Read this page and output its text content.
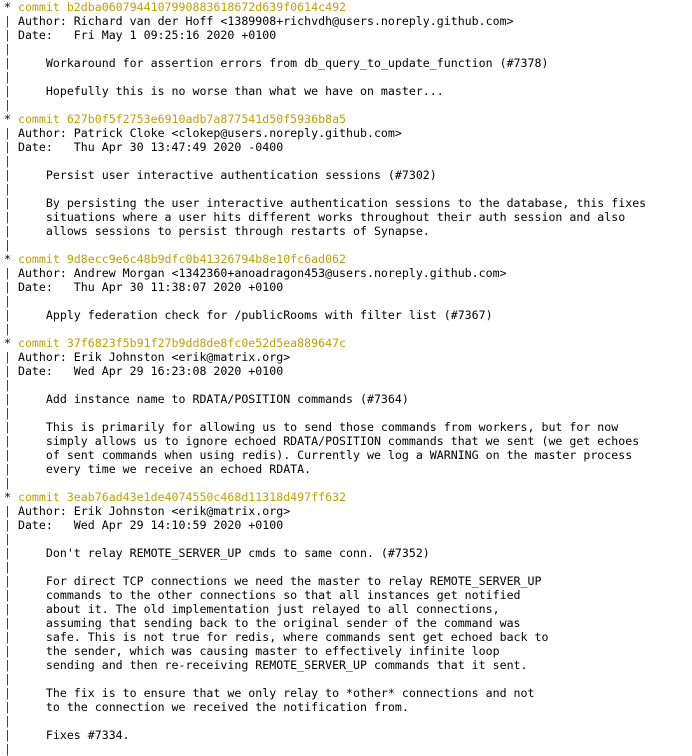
* commit b2dba0607944107990883618672d639f0614c492
| Author: Richard van der Hoff <1389908+richvdh@users.noreply.github.com>
| Date:   Fri May 1 09:25:16 2020 +0100
|
|     Workaround for assertion errors from db_query_to_update_function (#7378)
|
|     Hopefully this is no worse than what we have on master...
|
* commit 627b0f5f2753e6910adb7a877541d50f5936b8a5
| Author: Patrick Cloke <clokep@users.noreply.github.com>
| Date:   Thu Apr 30 13:47:49 2020 -0400
|
|     Persist user interactive authentication sessions (#7302)
|
|     By persisting the user interactive authentication sessions to the database, this fixes
|     situations where a user hits different works throughout their auth session and also
|     allows sessions to persist through restarts of Synapse.
|
* commit 9d8ecc9e6c48b9dfc0b41326794b8e10fc6ad062
| Author: Andrew Morgan <1342360+anoadragon453@users.noreply.github.com>
| Date:   Thu Apr 30 11:38:07 2020 +0100
|
|     Apply federation check for /publicRooms with filter list (#7367)
|
* commit 37f6823f5b91f27b9dd8de8fc0e52d5ea889647c
| Author: Erik Johnston <erik@matrix.org>
| Date:   Wed Apr 29 16:23:08 2020 +0100
|
|     Add instance name to RDATA/POSITION commands (#7364)
|
|     This is primarily for allowing us to send those commands from workers, but for now
|     simply allows us to ignore echoed RDATA/POSITION commands that we sent (we get echoes
|     of sent commands when using redis). Currently we log a WARNING on the master process
|     every time we receive an echoed RDATA.
|
* commit 3eab76ad43e1de4074550c468d11318d497ff632
| Author: Erik Johnston <erik@matrix.org>
| Date:   Wed Apr 29 14:10:59 2020 +0100
|
|     Don't relay REMOTE_SERVER_UP cmds to same conn. (#7352)
|
|     For direct TCP connections we need the master to relay REMOTE_SERVER_UP
|     commands to the other connections so that all instances get notified
|     about it. The old implementation just relayed to all connections,
|     assuming that sending back to the original sender of the command was
|     safe. This is not true for redis, where commands sent get echoed back to
|     the sender, which was causing master to effectively infinite loop
|     sending and then re-receiving REMOTE_SERVER_UP commands that it sent.
|
|     The fix is to ensure that we only relay to *other* connections and not
|     to the connection we received the notification from.
|
|     Fixes #7334.
|
